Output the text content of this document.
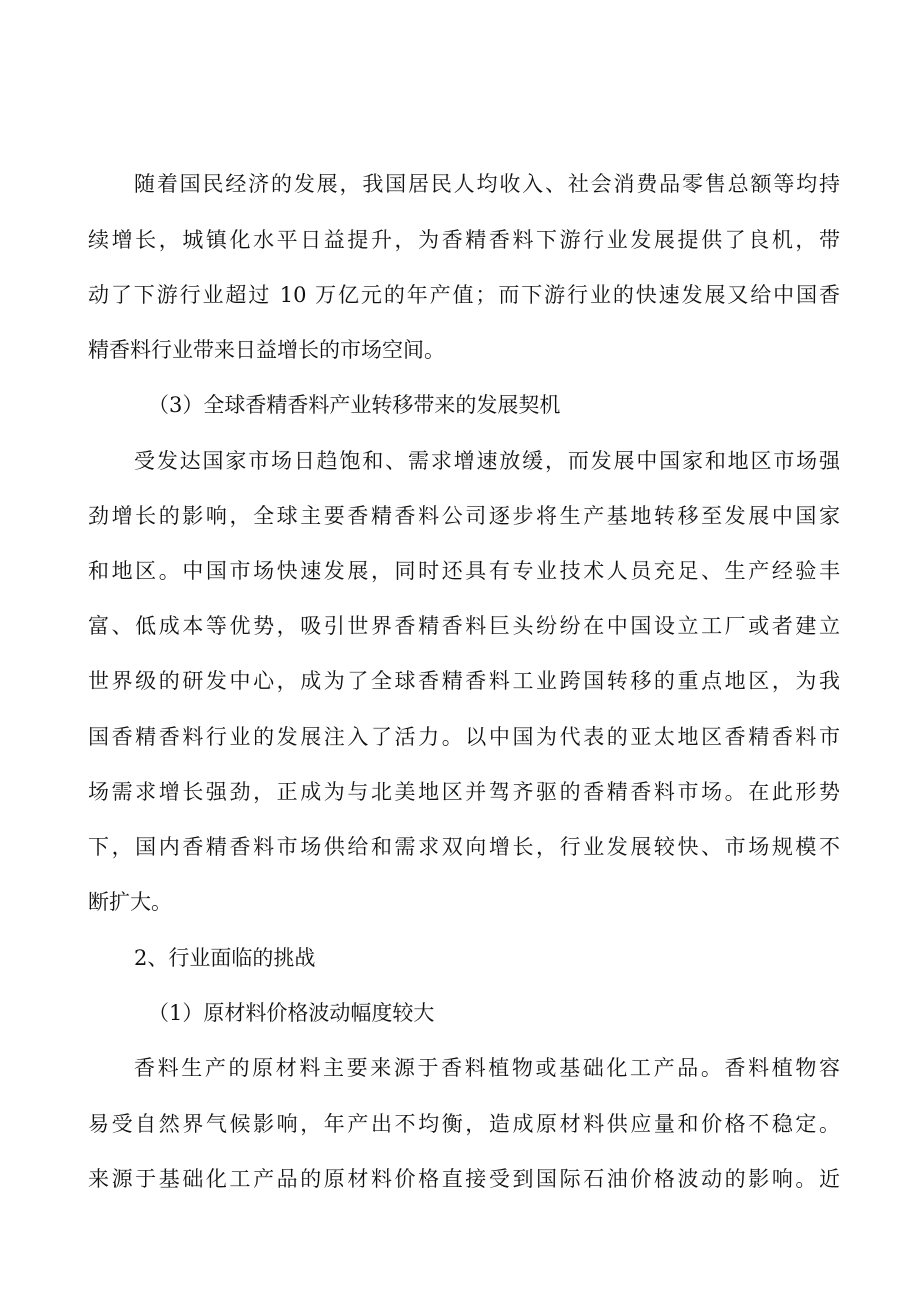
随着国民经济的发展，我国居民人均收入、社会消费品零售总额等均持
续增长，城镇化水平日益提升，为香精香料下游行业发展提供了良机，带
动了下游行业超过 10 万亿元的年产值；而下游行业的快速发展又给中国香
精香料行业带来日益增长的市场空间。
（3）全球香精香料产业转移带来的发展契机
受发达国家市场日趋饱和、需求增速放缓，而发展中国家和地区市场强
劲增长的影响，全球主要香精香料公司逐步将生产基地转移至发展中国家
和地区。中国市场快速发展，同时还具有专业技术人员充足、生产经验丰
富、低成本等优势，吸引世界香精香料巨头纷纷在中国设立工厂或者建立
世界级的研发中心，成为了全球香精香料工业跨国转移的重点地区，为我
国香精香料行业的发展注入了活力。以中国为代表的亚太地区香精香料市
场需求增长强劲，正成为与北美地区并驾齐驱的香精香料市场。在此形势
下，国内香精香料市场供给和需求双向增长，行业发展较快、市场规模不
断扩大。
2、行业面临的挑战
（1）原材料价格波动幅度较大
香料生产的原材料主要来源于香料植物或基础化工产品。香料植物容
易受自然界气候影响，年产出不均衡，造成原材料供应量和价格不稳定。
来源于基础化工产品的原材料价格直接受到国际石油价格波动的影响。近
